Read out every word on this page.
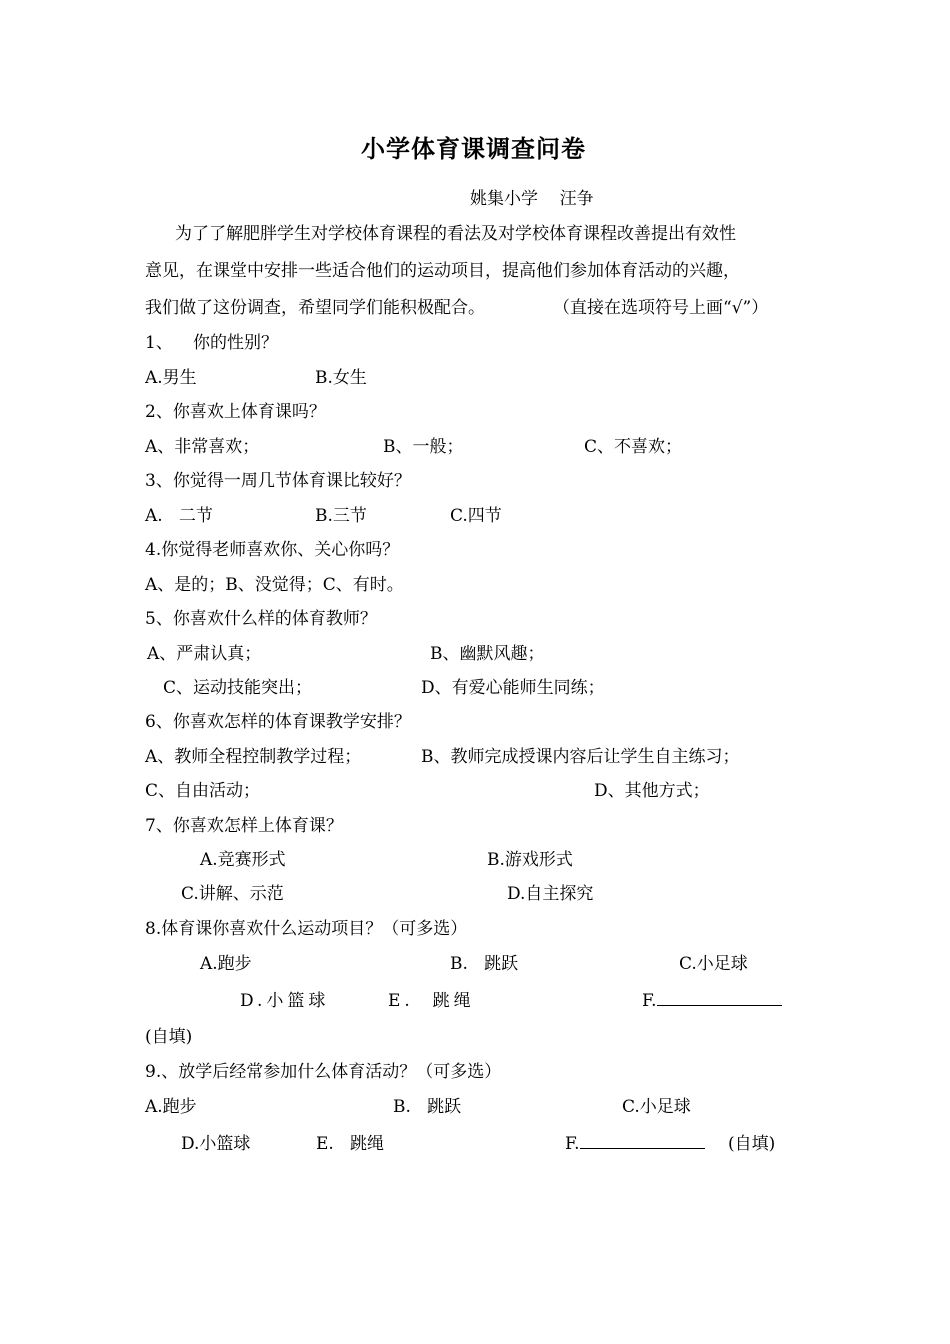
小学体育课调查问卷
姚集小学    汪争
为了了解肥胖学生对学校体育课程的看法及对学校体育课程改善提出有效性
意见，在课堂中安排一些适合他们的运动项目，提高他们参加体育活动的兴趣，
我们做了这份调查，希望同学们能积极配合。	（直接在选项符号上画“√”）
1、 你的性别？
A.男生	B.女生
2、你喜欢上体育课吗？
A、非常喜欢；	B、一般；	C、不喜欢；
3、你觉得一周几节体育课比较好？
A.   二节	B.三节	C.四节
4.你觉得老师喜欢你、关心你吗？
A、是的；B、没觉得；C、有时。
5、你喜欢什么样的体育教师？
A、严肃认真；	B、幽默风趣；
C、运动技能突出；	D、有爱心能师生同练；
6、你喜欢怎样的体育课教学安排？
A、教师全程控制教学过程；	B、教师完成授课内容后让学生自主练习；
C、自由活动；	D、其他方式；
7、你喜欢怎样上体育课？
A.竞赛形式	B.游戏形式
C.讲解、示范	D.自主探究
8.体育课你喜欢什么运动项目？（可多选）
A.跑步	B.   跳跃	C.小足球
D.小篮球	E.  跳绳	F.
(自填)
9.、放学后经常参加什么体育活动？（可多选）
A.跑步	B.   跳跃	C.小足球
D.小篮球	E.   跳绳	F.	(自填)
